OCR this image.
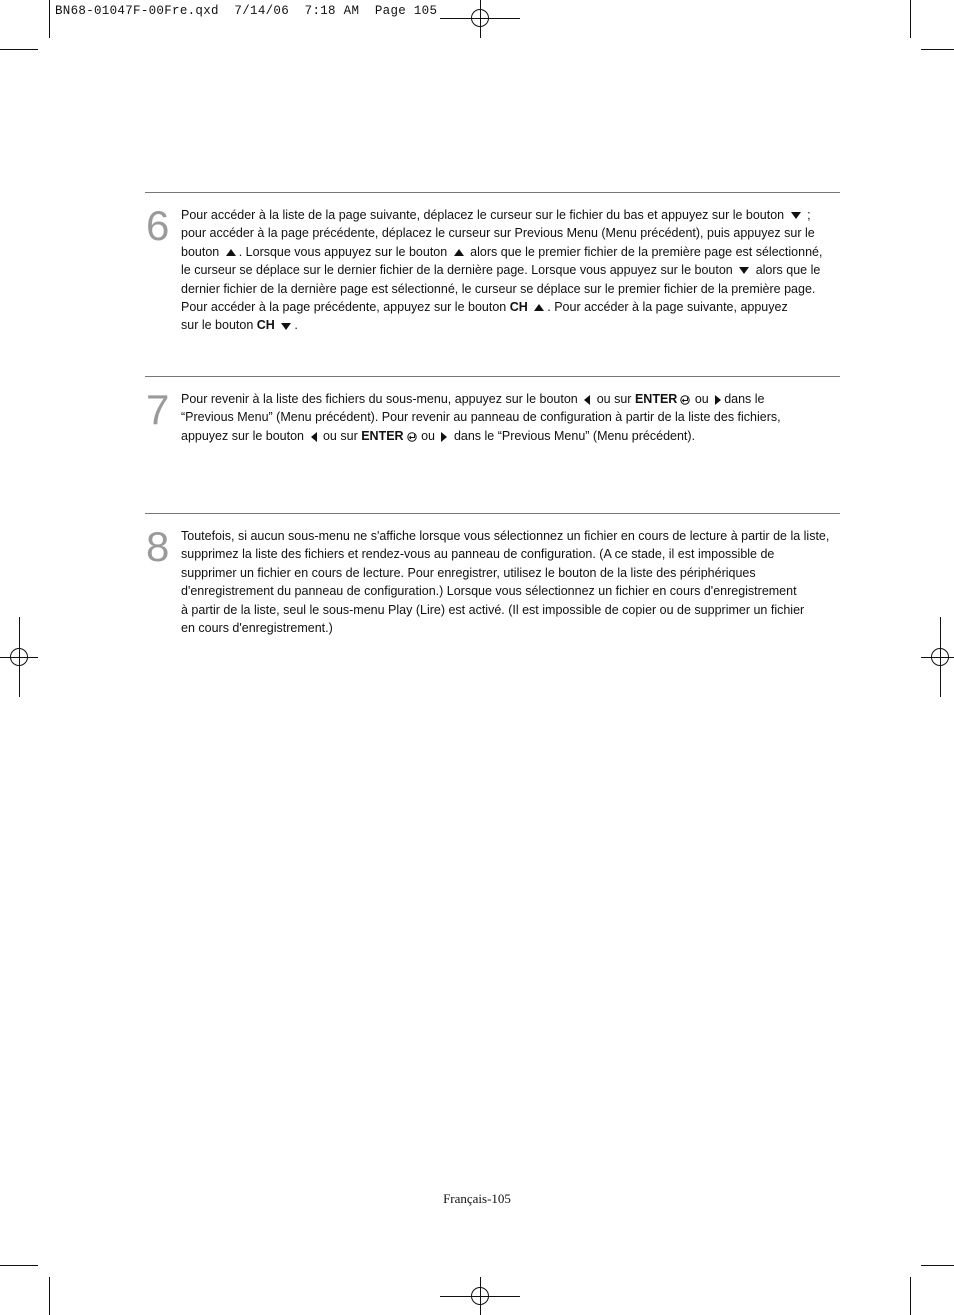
BN68-01047F-00Fre.qxd  7/14/06  7:18 AM  Page 105
6 Pour accéder à la liste de la page suivante, déplacez le curseur sur le fichier du bas et appuyez sur le bouton ;

pour accéder à la page précédente, déplacez le curseur sur Previous Menu (Menu précédent), puis appuyez sur le

bouton . Lorsque vous appuyez sur le bouton alors que le premier fichier de la première page est sélectionné,

le curseur se déplace sur le dernier fichier de la dernière page. Lorsque vous appuyez sur le bouton alors que le

dernier fichier de la dernière page est sélectionné, le curseur se déplace sur le premier fichier de la première page.

Pour accéder à la page précédente, appuyez sur le bouton CH . Pour accéder à la page suivante, appuyez

sur le bouton CH .

7 Pour revenir à la liste des fichiers du sous-menu, appuyez sur le bouton ou sur ENTER ou dans le

“Previous Menu” (Menu précédent). Pour revenir au panneau de configuration à partir de la liste des fichiers,

appuyez sur le bouton ou sur ENTER ou dans le “Previous Menu” (Menu précédent).

8 Toutefois, si aucun sous-menu ne s'affiche lorsque vous sélectionnez un fichier en cours de lecture à partir de la liste,

supprimez la liste des fichiers et rendez-vous au panneau de configuration. (A ce stade, il est impossible de

supprimer un fichier en cours de lecture. Pour enregistrer, utilisez le bouton de la liste des périphériques

d'enregistrement du panneau de configuration.) Lorsque vous sélectionnez un fichier en cours d'enregistrement

à partir de la liste, seul le sous-menu Play (Lire) est activé. (Il est impossible de copier ou de supprimer un fichier

en cours d'enregistrement.)

Français-105
